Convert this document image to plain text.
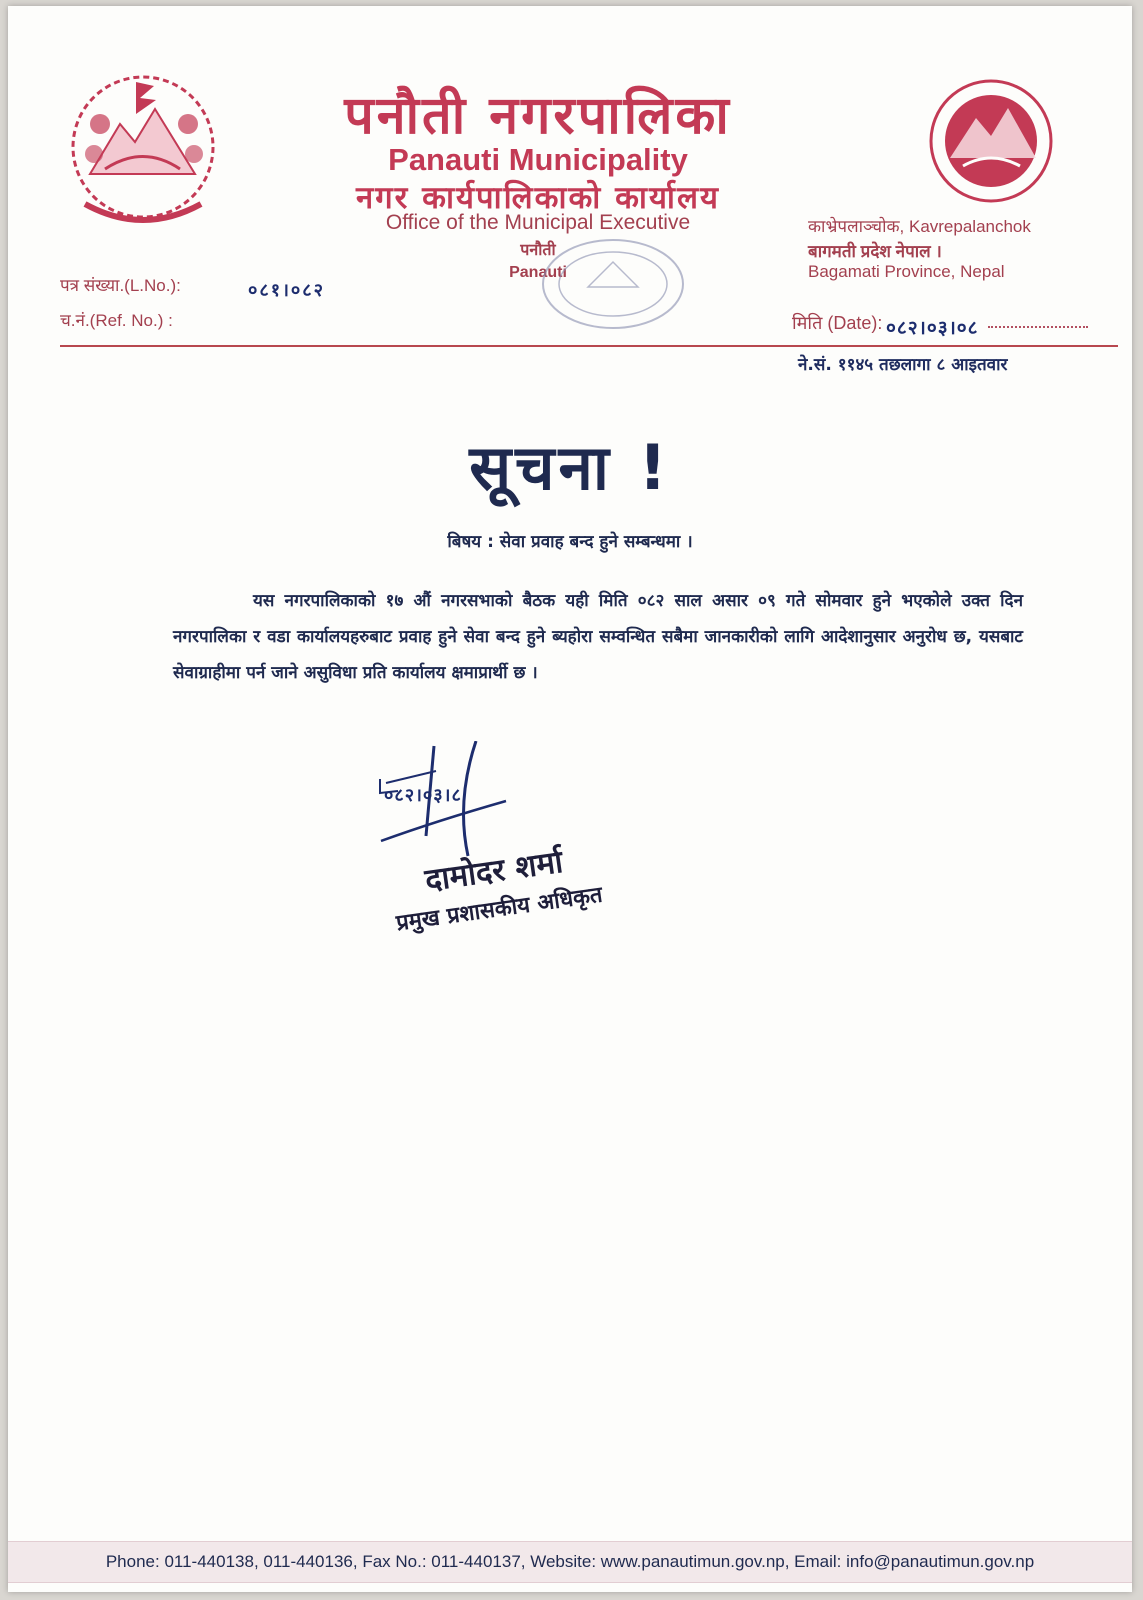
पनौती नगरपालिका
Panauti Municipality
नगर कार्यपालिकाको कार्यालय
Office of the Municipal Executive
पनौती
Panauti
काभ्रेपलाञ्चोक, Kavrepalanchok
बागमती प्रदेश नेपाल ।
Bagamati Province, Nepal
पत्र संख्या.(L.No.):	०८१।०८२
च.नं.(Ref. No.) :	मिति (Date): ०८२।०३।०८
ने.सं. ११४५ तछलागा ८ आइतवार
सूचना !
बिषय : सेवा प्रवाह बन्द हुने सम्बन्धमा ।
यस नगरपालिकाको १७ औं नगरसभाको बैठक यही मिति ०८२ साल असार ०९ गते सोमवार हुने भएकोले उक्त दिन नगरपालिका र वडा कार्यालयहरुबाट प्रवाह हुने सेवा बन्द हुने ब्यहोरा सम्वन्धित सबैमा जानकारीको लागि आदेशानुसार अनुरोध छ, यसबाट सेवाग्राहीमा पर्न जाने असुविधा प्रति कार्यालय क्षमाप्रार्थी छ ।
०८२।०३।८
दामोदर शर्मा
प्रमुख प्रशासकीय अधिकृत
Phone: 011-440138, 011-440136, Fax No.: 011-440137, Website: www.panautimun.gov.np, Email: info@panautimun.gov.np
